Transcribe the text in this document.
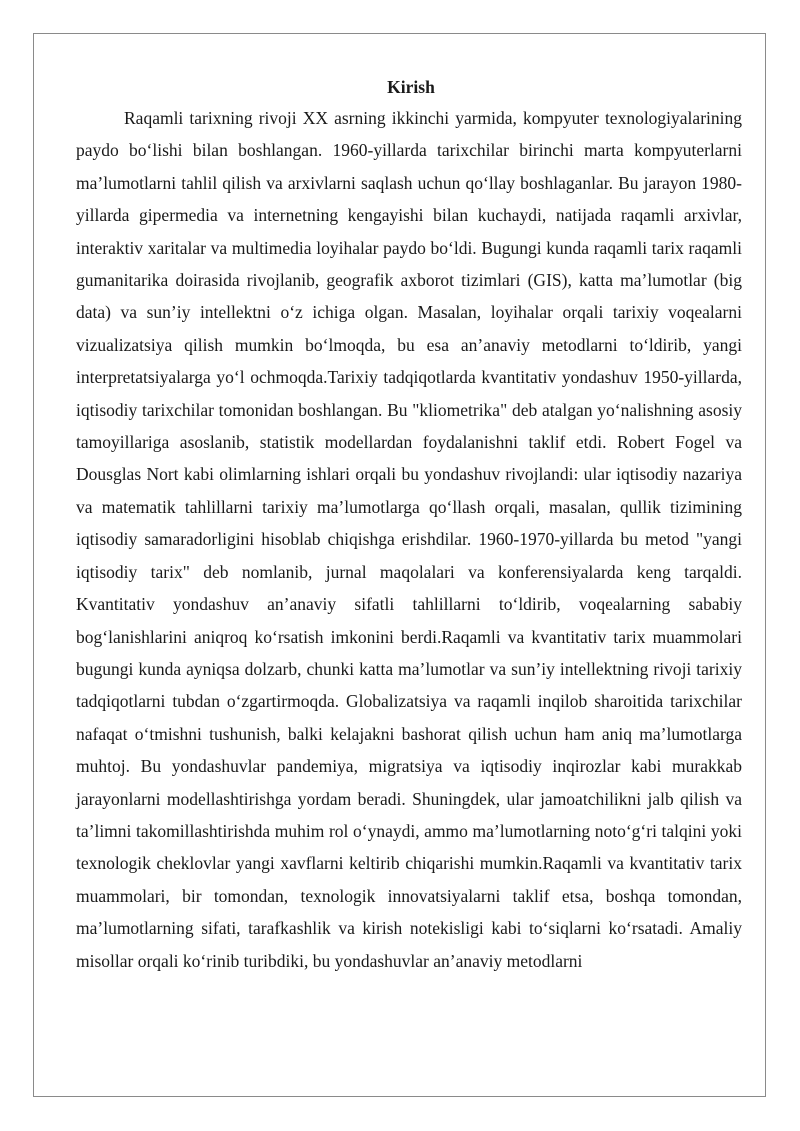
Kirish

Raqamli tarixning rivoji XX asrning ikkinchi yarmida, kompyuter texnologiyalarining paydo bo‘lishi bilan boshlangan. 1960-yillarda tarixchilar birinchi marta kompyuterlarni ma’lumotlarni tahlil qilish va arxivlarni saqlash uchun qo‘llay boshlaganlar. Bu jarayon 1980-yillarda gipermedia va internetning kengayishi bilan kuchaydi, natijada raqamli arxivlar, interaktiv xaritalar va multimedia loyihalar paydo bo‘ldi. Bugungi kunda raqamli tarix raqamli gumanitarika doirasida rivojlanib, geografik axborot tizimlari (GIS), katta ma’lumotlar (big data) va sun’iy intellektni o‘z ichiga olgan. Masalan, loyihalar orqali tarixiy voqealarni vizualizatsiya qilish mumkin bo‘lmoqda, bu esa an’anaviy metodlarni to‘ldirib, yangi interpretatsiyalarga yo‘l ochmoqda.Tarixiy tadqiqotlarda kvantitativ yondashuv 1950-yillarda, iqtisodiy tarixchilar tomonidan boshlangan. Bu "kliometrika" deb atalgan yo‘nalishning asosiy tamoyillariga asoslanib, statistik modellardan foydalanishni taklif etdi. Robert Fogel va Dousglas Nort kabi olimlarning ishlari orqali bu yondashuv rivojlandi: ular iqtisodiy nazariya va matematik tahlillarni tarixiy ma’lumotlarga qo‘llash orqali, masalan, qullik tizimining iqtisodiy samaradorligini hisoblab chiqishga erishdilar. 1960-1970-yillarda bu metod "yangi iqtisodiy tarix" deb nomlanib, jurnal maqolalari va konferensiyalarda keng tarqaldi. Kvantitativ yondashuv an’anaviy sifatli tahlillarni to‘ldirib, voqealarning sababiy bog‘lanishlarini aniqroq ko‘rsatish imkonini berdi.Raqamli va kvantitativ tarix muammolari bugungi kunda ayniqsa dolzarb, chunki katta ma’lumotlar va sun’iy intellektning rivoji tarixiy tadqiqotlarni tubdan o‘zgartirmoqda. Globalizatsiya va raqamli inqilob sharoitida tarixchilar nafaqat o‘tmishni tushunish, balki kelajakni bashorat qilish uchun ham aniq ma’lumotlarga muhtoj. Bu yondashuvlar pandemiya, migratsiya va iqtisodiy inqirozlar kabi murakkab jarayonlarni modellashtirishga yordam beradi. Shuningdek, ular jamoatchilikni jalb qilish va ta’limni takomillashtirishda muhim rol o‘ynaydi, ammo ma’lumotlarning noto‘g‘ri talqini yoki texnologik cheklovlar yangi xavflarni keltirib chiqarishi mumkin.Raqamli va kvantitativ tarix muammolari, bir tomondan, texnologik innovatsiyalarni taklif etsa, boshqa tomondan, ma’lumotlarning sifati, tarafkashlik va kirish notekisligi kabi to‘siqlarni ko‘rsatadi. Amaliy misollar orqali ko‘rinib turibdiki, bu yondashuvlar an’anaviy metodlarni
